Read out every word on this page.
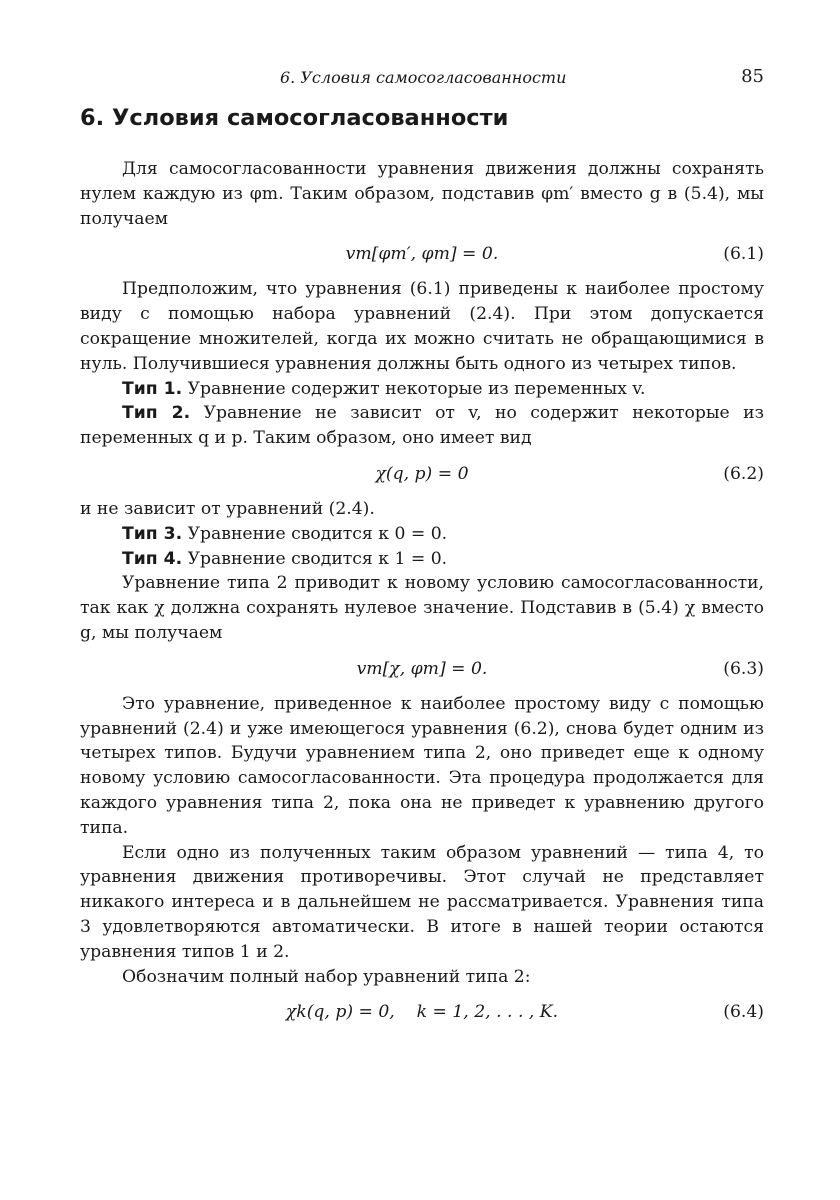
6. Условия самосогласованности	85
6. Условия самосогласованности

Для самосогласованности уравнения движения должны сохранять нулем каждую из φm. Таким образом, подставив φm′ вместо g в (5.4), мы получаем

vm[φm′, φm] = 0.	(6.1)

Предположим, что уравнения (6.1) приведены к наиболее простому виду с помощью набора уравнений (2.4). При этом допускается сокращение множителей, когда их можно считать не обращающимися в нуль. Получившиеся уравнения должны быть одного из четырех типов.

Тип 1. Уравнение содержит некоторые из переменных v.

Тип 2. Уравнение не зависит от v, но содержит некоторые из переменных q и p. Таким образом, оно имеет вид

χ(q, p) = 0	(6.2)

и не зависит от уравнений (2.4).

Тип 3. Уравнение сводится к 0 = 0.

Тип 4. Уравнение сводится к 1 = 0.

Уравнение типа 2 приводит к новому условию самосогласованности, так как χ должна сохранять нулевое значение. Подставив в (5.4) χ вместо g, мы получаем

vm[χ, φm] = 0.	(6.3)

Это уравнение, приведенное к наиболее простому виду с помощью уравнений (2.4) и уже имеющегося уравнения (6.2), снова будет одним из четырех типов. Будучи уравнением типа 2, оно приведет еще к одному новому условию самосогласованности. Эта процедура продолжается для каждого уравнения типа 2, пока она не приведет к уравнению другого типа.

Если одно из полученных таким образом уравнений — типа 4, то уравнения движения противоречивы. Этот случай не представляет никакого интереса и в дальнейшем не рассматривается. Уравнения типа 3 удовлетворяются автоматически. В итоге в нашей теории остаются уравнения типов 1 и 2.

Обозначим полный набор уравнений типа 2:

χk(q, p) = 0,    k = 1, 2, . . . , K.	(6.4)
